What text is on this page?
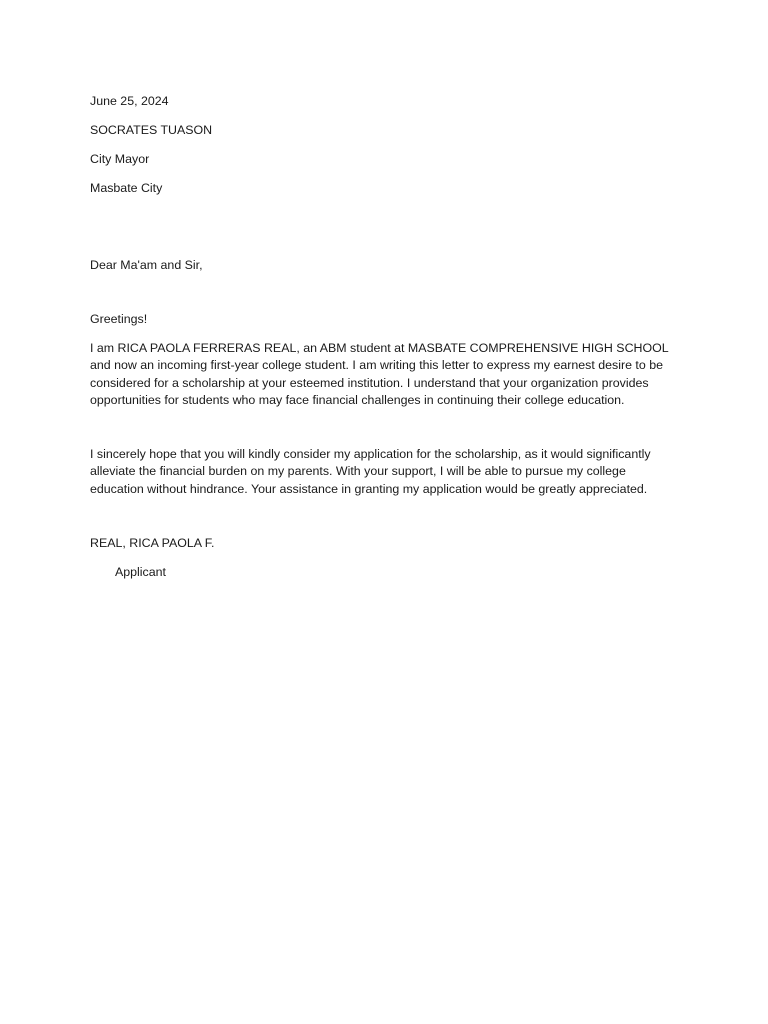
June 25, 2024

SOCRATES TUASON

City Mayor

Masbate City

Dear Ma'am and Sir,

Greetings!

I am RICA PAOLA FERRERAS REAL, an ABM student at MASBATE COMPREHENSIVE HIGH SCHOOL and now an incoming first-year college student. I am writing this letter to express my earnest desire to be considered for a scholarship at your esteemed institution. I understand that your organization provides opportunities for students who may face financial challenges in continuing their college education.

I sincerely hope that you will kindly consider my application for the scholarship, as it would significantly alleviate the financial burden on my parents. With your support, I will be able to pursue my college education without hindrance. Your assistance in granting my application would be greatly appreciated.

REAL, RICA PAOLA F.

Applicant
